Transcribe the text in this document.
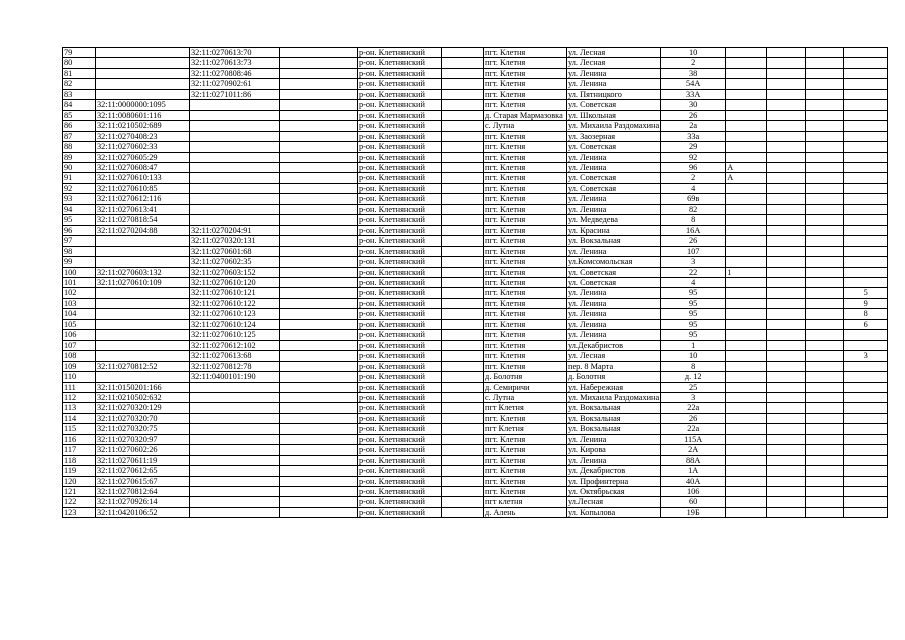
79		32:11:0270613:70		р-он. Клетнянский		пгт. Клетня	ул. Лесная	10				
80		32:11:0270613:73		р-он. Клетнянский		пгт. Клетня	ул. Лесная	2				
81		32:11:0270808:46		р-он. Клетнянский		пгт. Клетня	ул. Ленина	38				
82		32:11:0270902:61		р-он. Клетнянский		пгт. Клетня	ул. Ленина	54А				
83		32:11:0271011:86		р-он. Клетнянский		пгт. Клетня	ул. Пятницкого	33А				
84	32:11:0000000:1095			р-он. Клетнянский		пгт. Клетня	ул. Советская	30				
85	32:11:0080601:116			р-он. Клетнянский		д. Старая Мармазовка	ул. Школьная	26				
86	32:11:0210502:689			р-он. Клетнянский		с. Лутна	ул. Михаила Раздомахина	2а				
87	32:11:0270408:23			р-он. Клетнянский		пгт. Клетня	ул. Заозерная	33а				
88	32:11:0270602:33			р-он. Клетнянский		пгт. Клетня	ул. Советская	29				
89	32:11:0270605:29			р-он. Клетнянский		пгт. Клетня	ул. Ленина	92				
90	32:11:0270608:47			р-он. Клетнянский		пгт. Клетня	ул. Ленина	96	А			
91	32:11:0270610:133			р-он. Клетнянский		пгт. Клетня	ул. Советская	2	А			
92	32:11:0270610:85			р-он. Клетнянский		пгт. Клетня	ул. Советская	4				
93	32:11:0270612:116			р-он. Клетнянский		пгт. Клетня	ул. Ленина	69в				
94	32:11:0270613:41			р-он. Клетнянский		пгт. Клетня	ул. Ленина	82				
95	32:11:0270818:54			р-он. Клетнянский		пгт. Клетня	ул. Медведева	8				
96	32:11:0270204:88	32:11:0270204:91		р-он. Клетнянский		пгт. Клетня	ул. Красина	16А				
97		32:11:0270320:131		р-он. Клетнянский		пгт. Клетня	ул. Вокзальная	26				
98		32:11:0270601:68		р-он. Клетнянский		пгт. Клетня	ул. Ленина	107				
99		32:11:0270602:35		р-он. Клетнянский		пгт. Клетня	ул.Комсомольская	3				
100	32:11:0270603:132	32:11:0270603:152		р-он. Клетнянский		пгт. Клетня	ул. Советская	22	1			
101	32:11:0270610:109	32:11:0270610:120		р-он. Клетнянский		пгт. Клетня	ул. Советская	4				
102		32:11:0270610:121		р-он. Клетнянский		пгт. Клетня	ул. Ленина	95				5
103		32:11:0270610:122		р-он. Клетнянский		пгт. Клетня	ул. Ленина	95				9
104		32:11:0270610:123		р-он. Клетнянский		пгт. Клетня	ул. Ленина	95				8
105		32:11:0270610:124		р-он. Клетнянский		пгт. Клетня	ул. Ленина	95				6
106		32:11:0270610:125		р-он. Клетнянский		пгт. Клетня	ул. Ленина	95				
107		32:11:0270612:102		р-он. Клетнянский		пгт. Клетня	ул.Декабристов	1				
108		32:11:0270613:68		р-он. Клетнянский		пгт. Клетня	ул. Лесная	10				3
109	32:11:0270812:52	32:11:0270812:78		р-он. Клетнянский		пгт. Клетня	пер. 8 Марта	8				
110		32:11:0400101:190		р-он. Клетнянский		д. Болотня	д. Болотня	д. 12				
111	32:11:0150201:166			р-он. Клетнянский		д. Семиричи	ул. Набережная	25				
112	32:11:0210502:632			р-он. Клетнянский		с. Лутна	ул. Михаила Раздомахина	3				
113	32:11:0270320:129			р-он. Клетнянский		пгт Клетня	ул. Вокзальная	22а				
114	32:11:0270320:70			р-он. Клетнянский		пгт. Клетня	ул. Вокзальная	26				
115	32:11:0270320:75			р-он. Клетнянский		пгт Клетня	ул. Вокзальная	22а				
116	32:11:0270320:97			р-он. Клетнянский		пгт. Клетня	ул. Ленина	115А				
117	32:11:0270602:26			р-он. Клетнянский		пгт. Клетня	ул. Кирова	2А				
118	32:11:0270611:19			р-он. Клетнянский		пгт. Клетня	ул. Ленина	88А				
119	32:11:0270612:65			р-он. Клетнянский		пгт. Клетня	ул. Декабристов	1А				
120	32:11:0270615:67			р-он. Клетнянский		пгт. Клетня	ул. Профинтерна	40А				
121	32:11:0270812:64			р-он. Клетнянский		пгт. Клетня	ул. Октябрьская	106				
122	32:11:0270926:14			р-он. Клетнянский		пгт клетня	ул.Лесная	60				
123	32:11:0420106:52			р-он. Клетнянский		д. Алень	ул. Копылова	19Б				
